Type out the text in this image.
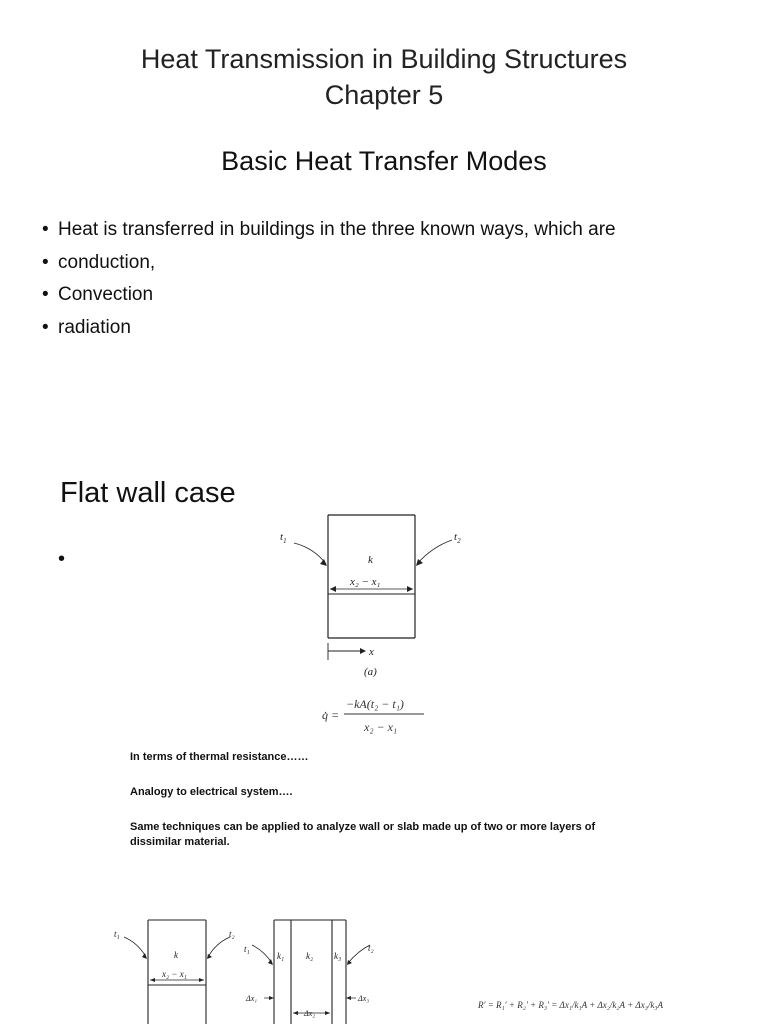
Heat Transmission in Building Structures
Chapter 5
Basic Heat Transfer Modes
• Heat is transferred in buildings in the three known ways, which are
• conduction,
• Convection
• radiation
Flat wall case
•
$t_1$	$t_2$
k
x₂ − x₁
x
(a)
q̇ =
−kA(t₂ − t₁)
x₂ − x₁
In terms of thermal resistance……
Analogy to electrical system….
Same techniques can be applied to analyze wall or slab made up of two or more layers of dissimilar material.
t₁	t₂
k
x₂ − x₁
t₁	t₂
k₁ k₂ k₃
Δx₁
Δx₂
Δx₃
R′ = R₁′ + R₂′ + R₃′ = Δx₁/k₁A + Δx₂/k₂A + Δx₃/k₃A
